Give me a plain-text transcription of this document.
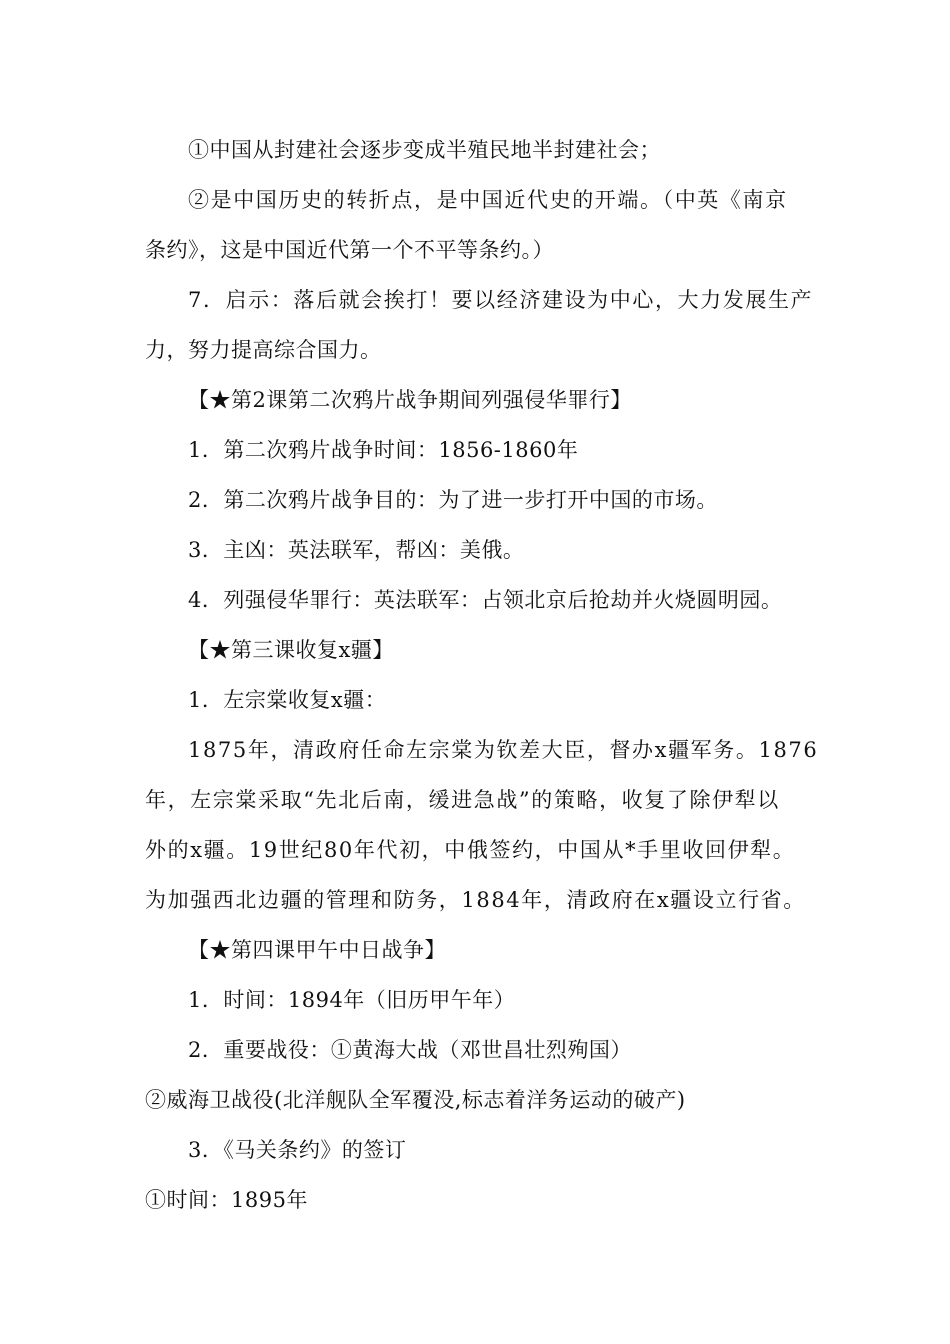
①中国从封建社会逐步变成半殖民地半封建社会；
②是中国历史的转折点，是中国近代史的开端。（中英《南京
条约》，这是中国近代第一个不平等条约。）
7．启示：落后就会挨打！要以经济建设为中心，大力发展生产
力，努力提高综合国力。
【★第2课第二次鸦片战争期间列强侵华罪行】
1．第二次鸦片战争时间：1856-1860年
2．第二次鸦片战争目的：为了进一步打开中国的市场。
3．主凶：英法联军，帮凶：美俄。
4．列强侵华罪行：英法联军：占领北京后抢劫并火烧圆明园。
【★第三课收复x疆】
1．左宗棠收复x疆：
1875年，清政府任命左宗棠为钦差大臣，督办x疆军务。1876
年，左宗棠采取“先北后南，缓进急战”的策略，收复了除伊犁以
外的x疆。19世纪80年代初，中俄签约，中国从*手里收回伊犁。
为加强西北边疆的管理和防务，1884年，清政府在x疆设立行省。
【★第四课甲午中日战争】
1．时间：1894年（旧历甲午年）
2．重要战役：①黄海大战（邓世昌壮烈殉国）
②威海卫战役(北洋舰队全军覆没,标志着洋务运动的破产)
3．《马关条约》的签订
①时间：1895年
